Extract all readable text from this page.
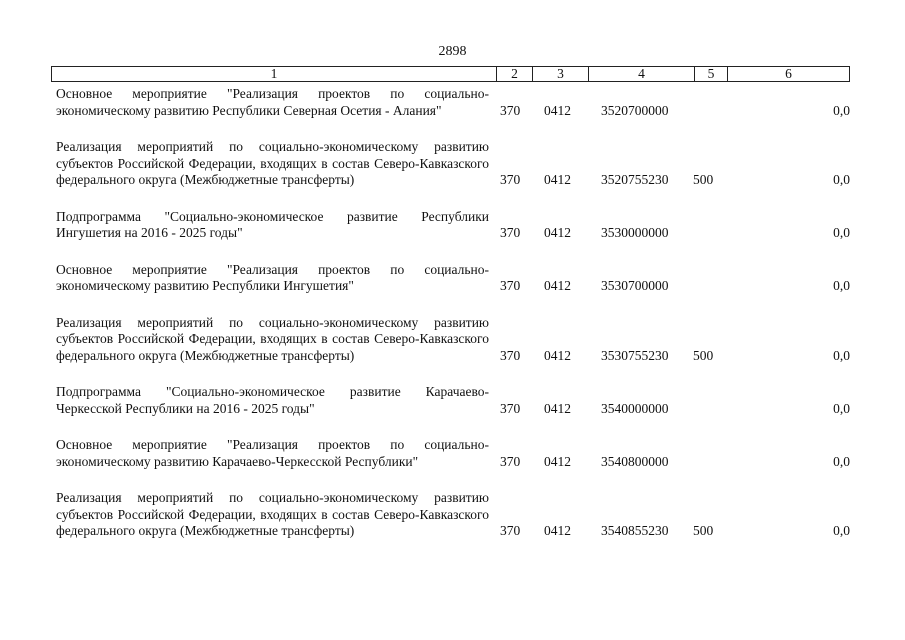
2898
1	2	3	4	5	6
Основное мероприятие "Реализация проектов по социально-экономическому развитию Республики Северная Осетия - Алания"	370 0412 3520700000	0,0
Реализация мероприятий по социально-экономическому развитию субъектов Российской Федерации, входящих в состав Северо-Кавказского федерального округа (Межбюджетные трансферты)	370 0412 3520755230 500	0,0
Подпрограмма "Социально-экономическое развитие Республики Ингушетия на 2016 - 2025 годы"	370 0412 3530000000	0,0
Основное мероприятие "Реализация проектов по социально-экономическому развитию Республики Ингушетия"	370 0412 3530700000	0,0
Реализация мероприятий по социально-экономическому развитию субъектов Российской Федерации, входящих в состав Северо-Кавказского федерального округа (Межбюджетные трансферты)	370 0412 3530755230 500	0,0
Подпрограмма "Социально-экономическое развитие Карачаево-Черкесской Республики на 2016 - 2025 годы"	370 0412 3540000000	0,0
Основное мероприятие "Реализация проектов по социально-экономическому развитию Карачаево-Черкесской Республики"	370 0412 3540800000	0,0
Реализация мероприятий по социально-экономическому развитию субъектов Российской Федерации, входящих в состав Северо-Кавказского федерального округа (Межбюджетные трансферты)	370 0412 3540855230 500	0,0
